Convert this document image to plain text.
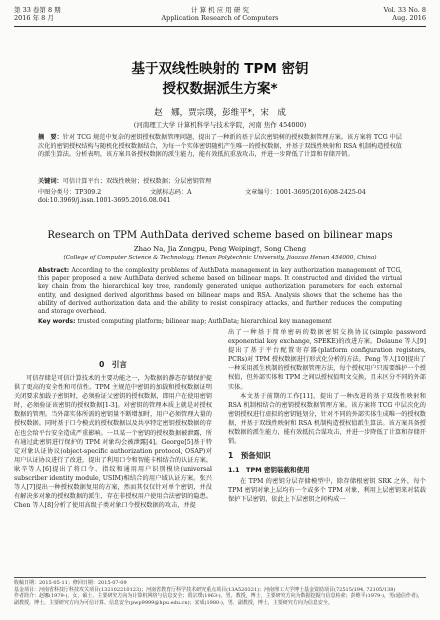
第 33 卷第 8 期
2016 年 8 月
计 算 机 应 用 研 究
Application Research of Computers
Vol. 33 No. 8
Aug. 2016
基于双线性映射的 TPM 密钥
授权数据派生方案*
赵　娜，贾宗璞，彭维平*，宋　成
(河南理工大学 计算机科学与技术学院，河南 焦作 454000)
摘　要：针对 TCG 规范中复杂的密钥授权数据管理问题，提出了一种新的基于层次密钥树的授权数据管理方案。该方案将 TCG 中层次化的密钥授权结构与随机化授权数据结合，为每一个实体密钥随机产生唯一的授权数据，并基于双线性映射和 RSA 机制构造授权值的派生算法。分析表明，该方案具备授权数据的派生能力，能有效抵抗重放攻击，并进一步降低了计算和存储开销。
关键词：可信计算平台；双线性映射；授权数据；分层密钥管理
中图分类号：TP309.2	文献标志码：A	文章编号：1001-3695(2016)08-2425-04
doi:10.3969/j.issn.1001-3695.2016.08.041
Research on TPM AuthData derived scheme based on bilinear maps
Zhao Na, Jia Zongpu, Peng Weiping†, Song Cheng
(College of Computer Science & Technology, Henan Polytechnic University, Jiaozuo Henan 454000, China)
Abstract: According to the complexity problems of AuthData management in key authorization management of TCG, this paper proposed a new AuthData derived scheme based on bilinear maps. It constructed and divided the virtual key chain from the hierarchical key tree, randomly generated unique authorization parameters for each external entity, and designed derived algorithms based on bilinear maps and RSA. Analysis shows that the scheme has the ability of derived authorization data and the ability to resist conspiracy attacks, and further reduces the computing and storage overhead.
Key words: trusted computing platform; bilinear map; AuthData; hierarchical key management
0　引言

可信存储是可信计算技术的主要功能之一，为数据的静态存储保护提供了更高的安全性和可信性。TPM 主规范中密钥的加载和授权数据证明关闭要求加载子密钥时，必须验证父密钥的授权数据，即用户在使用密钥时，必须验证该密钥的授权数据[1-3]。对密钥的管理本质上就是对授权数据的管理。当外部实体所需的密钥量不断增加时，用户必须管理大量的授权数据。同时基于口令模式的授权数据以及共享特定密钥授权数据的存在也会给平台安全造成严重影响。一旦某一个密钥的授权数据被泄露，所有通过此密钥进行保护的 TPM 对象均会被泄露[4]。George[5]基于特定对象认证协议(object-specific authorization protocol, OSAP)对用户认证协议进行了改进，提出了利用口令和智能卡相结合的认证方案。耿辛等人[6]提出了将口令、指纹和通用用户识别模块(universal subscriber identity module, USIM)相结合的用户域认证方案。张兴等人[7]提出一种授权数据复用的方案，然而其仅仅针对单个密钥，并没有解决多对象的授权数据的派生，存在非授权用户使用合法密钥的隐患。Chen 等人[8]分析了使用高级子类对象口令授权数据的攻击，并提

出了一种基于简单密码的数据密钥交换协议(simple password exponential key exchange, SPEKE)的改进方案。Delaune 等人[9]提出了基于平台配置寄存器(platform configuration registers, PCRs)对 TPM 授权数据进行形式化分析的方法。Peng 等人[10]提出了一种采用派生机制的授权数据管理方法，每个授权用户只需要维护一个授权值，但外部实体和 TPM 之间以授权值明文交换，且未区分不同的外部实体。

本文基于前期的工作[11]，提出了一种改进的基于双线性映射和 RSA 机制相结合的密钥授权数据管理方案。该方案将 TCG 中层次化的密钥授权进行虚拟的密钥链划分，针对不同的外部实体生成唯一的授权数据，并基于双线性映射和 RSA 机制构造授权值派生算法。该方案具备授权数据的派生能力，能有效抵抗合谋攻击，并进一步降低了计算和存储开销。

1　预备知识
1.1　TPM 密钥装载和使用

在 TPM 的密钥分层存储模型中，除存储根密钥 SRK 之外，每个 TPM 密钥对象上层均有一个或多个 TPM 对象，利用上层密钥来对装载保护下层密钥，依此上下层密钥之间构成一

收稿日期：2015-05-11；修回日期：2015-07-09
基金项目：河南省科技厅科技攻关项目(132102210123)；河南省教育厅科学技术研究重点项目(13A520321)；河南理工大学博士基金资助项目(72515/194, 72105/138)
作者简介：赵娜(1979-)，女，硕士，主要研究方向为计算机网络与信息安全；贾宗璞(1963-)，男，教授，博士，主要研究方向为数据挖掘与信息检索；彭维平(1979-)，男(通信作者)，副教授，博士，主要研究方向为可信计算、信息安全(pwp9999@hpu.edu.cn)；宋成(1980-)，男，副教授，博士，主要研究方向为信息安全。
